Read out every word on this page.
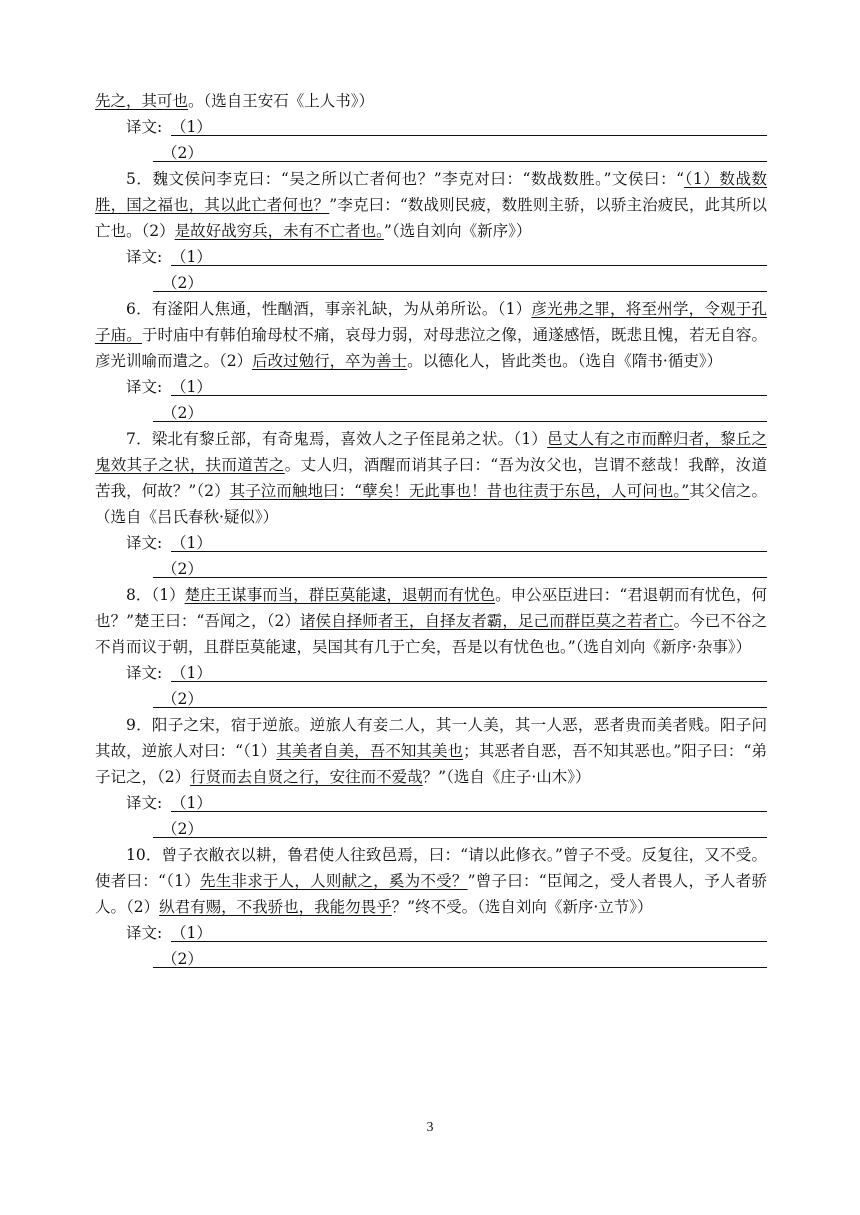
先之，其可也。（选自王安石《上人书》）

译文: （1）
（2）

5．魏文侯问李克曰：“吴之所以亡者何也？”李克对曰：“数战数胜。”文侯曰：“（1）数战数胜，国之福也，其以此亡者何也？”李克曰：“数战则民疲，数胜则主骄，以骄主治疲民，此其所以亡也。（2）是故好战穷兵，未有不亡者也。”（选自刘向《新序》）

译文: （1）
（2）

6．有滏阳人焦通，性酗酒，事亲礼缺，为从弟所讼。（1）彦光弗之罪，将至州学，令观于孔子庙。于时庙中有韩伯瑜母杖不痛，哀母力弱，对母悲泣之像，通遂感悟，既悲且愧，若无自容。彦光训喻而遣之。（2）后改过勉行，卒为善士。以德化人，皆此类也。（选自《隋书·循吏》）

译文: （1）
（2）

7．梁北有黎丘部，有奇鬼焉，喜效人之子侄昆弟之状。（1）邑丈人有之市而醉归者，黎丘之鬼效其子之状，扶而道苦之。丈人归，酒醒而诮其子曰：“吾为汝父也，岂谓不慈哉！我醉，汝道苦我，何故？”（2）其子泣而触地曰：“孽矣！无此事也！昔也往责于东邑，人可问也。”其父信之。（选自《吕氏春秋·疑似》）

译文: （1）
（2）

8．（1）楚庄王谋事而当，群臣莫能逮，退朝而有忧色。申公巫臣进曰：“君退朝而有忧色，何也？”楚王曰：“吾闻之，（2）诸侯自择师者王，自择友者霸，足己而群臣莫之若者亡。今已不谷之不肖而议于朝，且群臣莫能逮，吴国其有几于亡矣，吾是以有忧色也。”（选自刘向《新序·杂事》）

译文: （1）
（2）

9．阳子之宋，宿于逆旅。逆旅人有妾二人，其一人美，其一人恶，恶者贵而美者贱。阳子问其故，逆旅人对曰：“（1）其美者自美，吾不知其美也；其恶者自恶，吾不知其恶也。”阳子曰：“弟子记之，（2）行贤而去自贤之行，安往而不爱哉？”（选自《庄子·山木》）

译文: （1）
（2）

10．曾子衣敝衣以耕，鲁君使人往致邑焉，曰：“请以此修衣。”曾子不受。反复往，又不受。使者曰：“（1）先生非求于人，人则献之，奚为不受？”曾子曰：“臣闻之，受人者畏人，予人者骄人。（2）纵君有赐，不我骄也，我能勿畏乎？”终不受。（选自刘向《新序·立节》）

译文: （1）
（2）
3
